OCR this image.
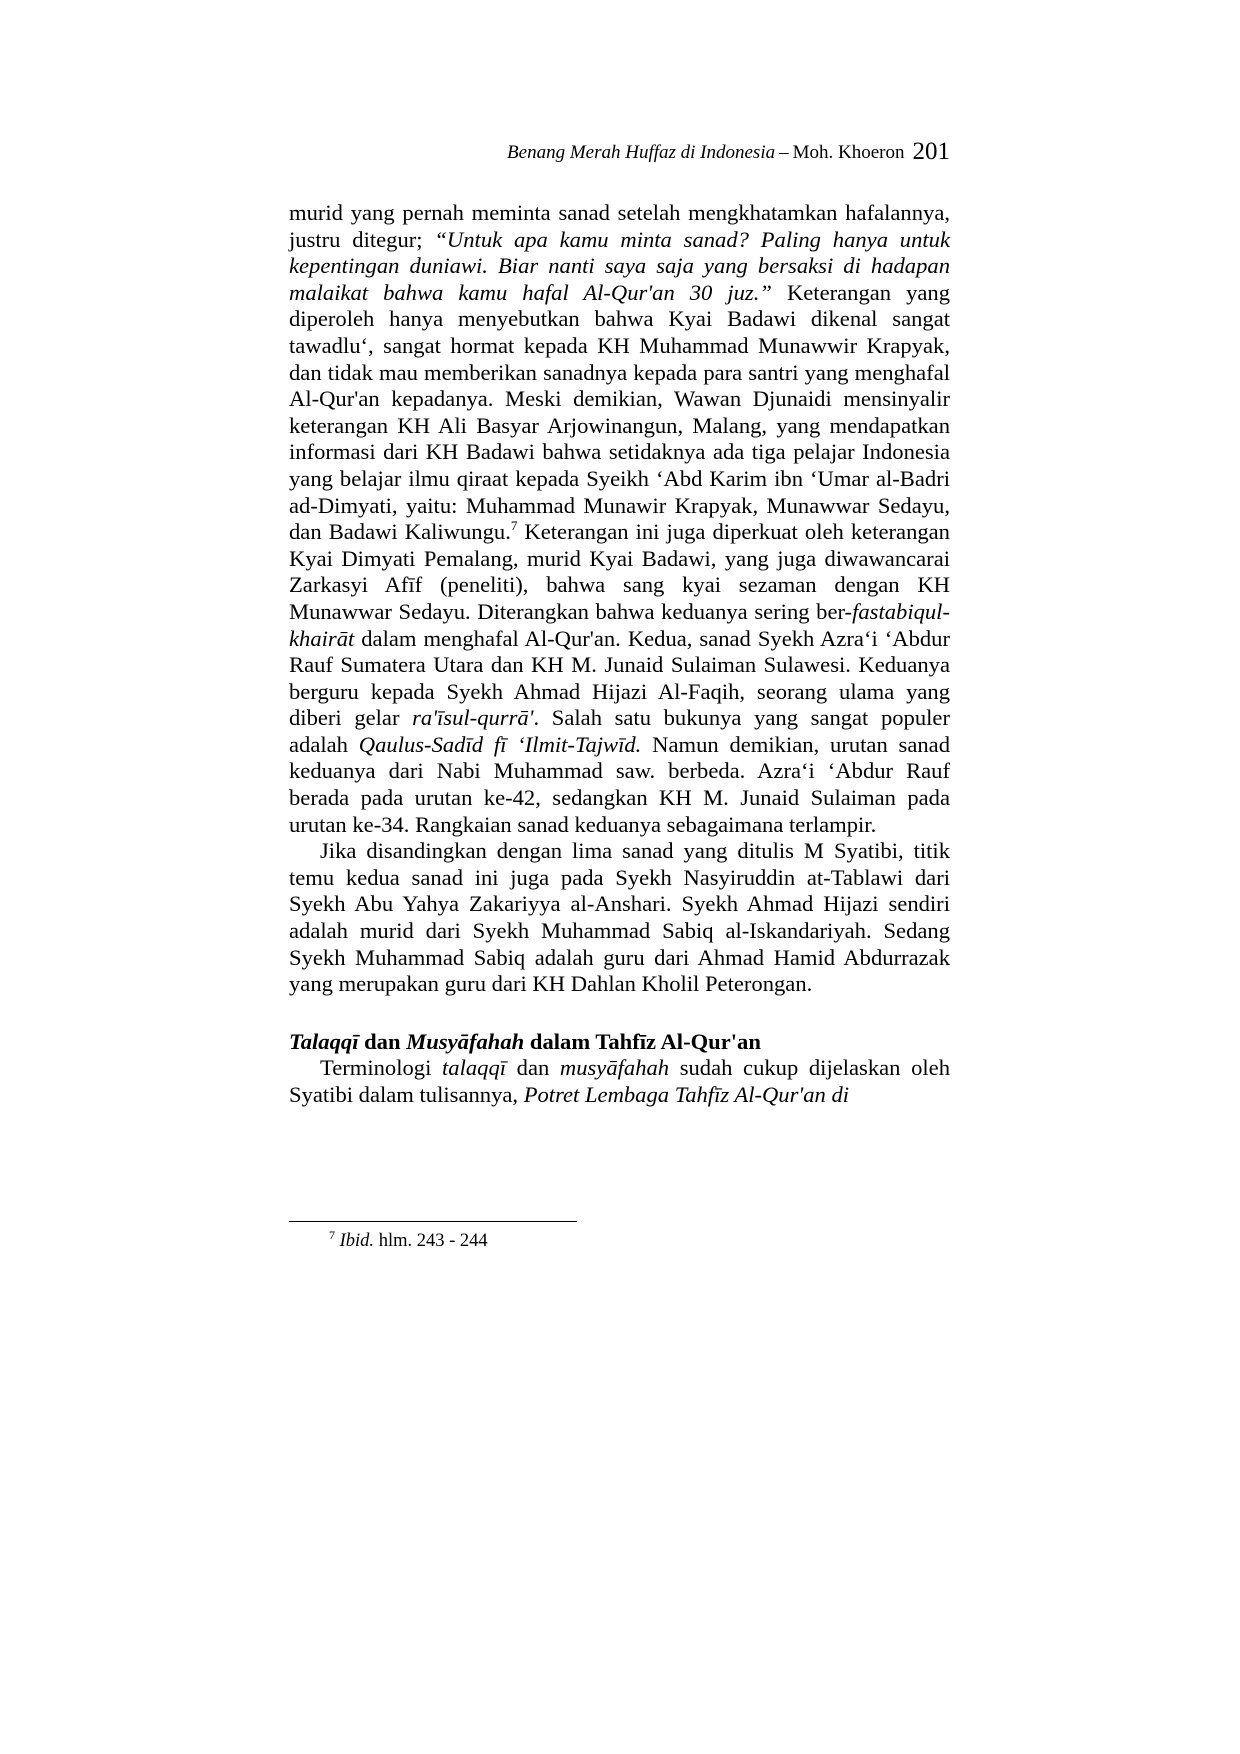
Benang Merah Huffaz di Indonesia – Moh. Khoeron 201

murid yang pernah meminta sanad setelah mengkhatamkan hafalannya, justru ditegur; “Untuk apa kamu minta sanad? Paling hanya untuk kepentingan duniawi. Biar nanti saya saja yang bersaksi di hadapan malaikat bahwa kamu hafal Al-Qur'an 30 juz.” Keterangan yang diperoleh hanya menyebutkan bahwa Kyai Badawi dikenal sangat tawadlu‘, sangat hormat kepada KH Muhammad Munawwir Krapyak, dan tidak mau memberikan sanadnya kepada para santri yang menghafal Al-Qur'an kepadanya. Meski demikian, Wawan Djunaidi mensinyalir keterangan KH Ali Basyar Arjowinangun, Malang, yang mendapatkan informasi dari KH Badawi bahwa setidaknya ada tiga pelajar Indonesia yang belajar ilmu qiraat kepada Syeikh ‘Abd Karim ibn ‘Umar al-Badri ad-Dimyati, yaitu: Muhammad Munawir Krapyak, Munawwar Sedayu, dan Badawi Kaliwungu.$^7$ Keterangan ini juga diperkuat oleh keterangan Kyai Dimyati Pemalang, murid Kyai Badawi, yang juga diwawancarai Zarkasyi Afīf (peneliti), bahwa sang kyai sezaman dengan KH Munawwar Sedayu. Diterangkan bahwa keduanya sering ber-fastabiqul-khairāt dalam menghafal Al-Qur'an. Kedua, sanad Syekh Azra‘i ‘Abdur Rauf Sumatera Utara dan KH M. Junaid Sulaiman Sulawesi. Keduanya berguru kepada Syekh Ahmad Hijazi Al-Faqih, seorang ulama yang diberi gelar ra'īsul-qurrā'. Salah satu bukunya yang sangat populer adalah Qaulus-Sadīd fī ‘Ilmit-Tajwīd. Namun demikian, urutan sanad keduanya dari Nabi Muhammad saw. berbeda. Azra‘i ‘Abdur Rauf berada pada urutan ke-42, sedangkan KH M. Junaid Sulaiman pada urutan ke-34. Rangkaian sanad keduanya sebagaimana terlampir.

Jika disandingkan dengan lima sanad yang ditulis M Syatibi, titik temu kedua sanad ini juga pada Syekh Nasyiruddin at-Tablawi dari Syekh Abu Yahya Zakariyya al-Anshari. Syekh Ahmad Hijazi sendiri adalah murid dari Syekh Muhammad Sabiq al-Iskandariyah. Sedang Syekh Muhammad Sabiq adalah guru dari Ahmad Hamid Abdurrazak yang merupakan guru dari KH Dahlan Kholil Peterongan.

Talaqqī dan Musyāfahah dalam Tahfīz Al-Qur'an

Terminologi talaqqī dan musyāfahah sudah cukup dijelaskan oleh Syatibi dalam tulisannya, Potret Lembaga Tahfīz Al-Qur'an di

$^7$ Ibid. hlm. 243 - 244
